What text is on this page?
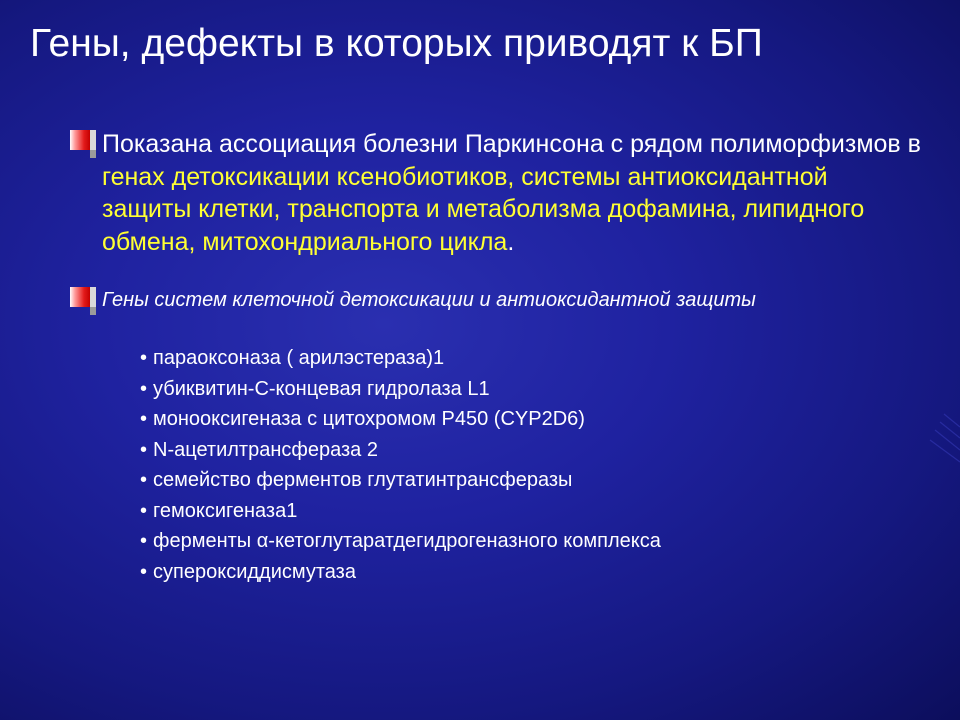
Гены, дефекты в которых приводят к БП
Показана ассоциация болезни Паркинсона с рядом полиморфизмов в генах детоксикации ксенобиотиков, системы антиоксидантной защиты клетки, транспорта и метаболизма дофамина, липидного обмена, митохондриального цикла.
Гены систем клеточной детоксикации и антиоксидантной защиты
• параоксоназа ( арилэстераза)1
• убиквитин-С-концевая гидролаза L1
• монооксигеназа с цитохромом P450 (CYP2D6)
• N-ацетилтрансфераза 2
• семейство ферментов глутатинтрансферазы
• гемоксигеназа1
• ферменты α-кетоглутаратдегидрогеназного комплекса
• супероксиддисмутаза
